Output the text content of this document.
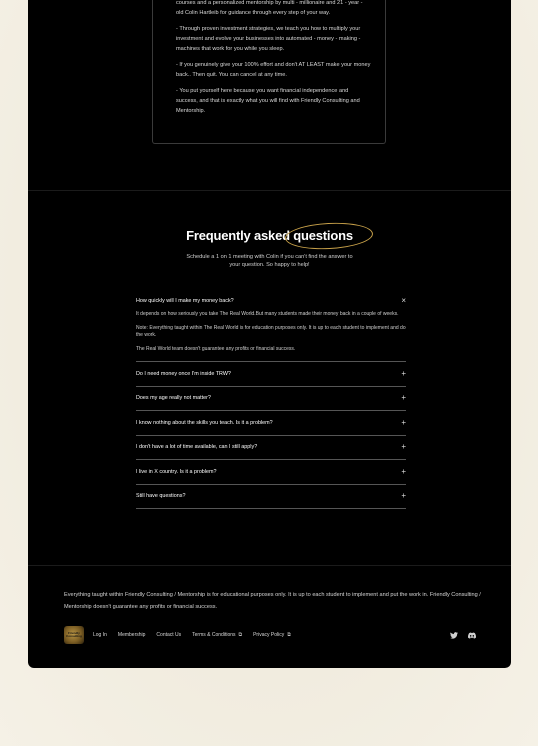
courses and a personalized mentorship by multi - millionaire and 21 - year - old Colin Hartleib for guidance through every step of your way.

- Through proven investment strategies, we teach you how to multiply your investment and evolve your businesses into automated - money - making - machines that work for you while you sleep.

- If you genuinely give your 100% effort and don't AT LEAST make your money back.. Then quit. You can cancel at any time.

- You put yourself here because you want financial independence and success, and that is exactly what you will find with Friendly Consulting and Mentorship.

Frequently asked
questions
Schedule a 1 on 1 meeting with Colin if you can't find the answer to
your question. So happy to help!
How quickly will I make my money back?	×

It depends on how seriously you take The Real World.But many students made their money back in a couple of weeks.

Note: Everything taught within The Real World is for education purposes only. It is up to each student to implement and do the work.

The Real World team doesn't guarantee any profits or financial success.

Do I need money once I'm inside TRW?	+
Does my age really not matter?	+
I know nothing about the skills you teach. Is it a problem?	+
I don't have a lot of time available, can I still apply?	+
I live in X country. Is it a problem?	+
Still have questions?	+
Everything taught within Friendly Consulting / Mentorship is for educational purposes only. It is up to each student to implement and put the work in. Friendly Consulting / Mentorship doesn't guarantee any profits or financial success.
Friendly Consulting Log In Membership Contact Us Terms & Conditions ⧉ Privacy Policy ⧉
